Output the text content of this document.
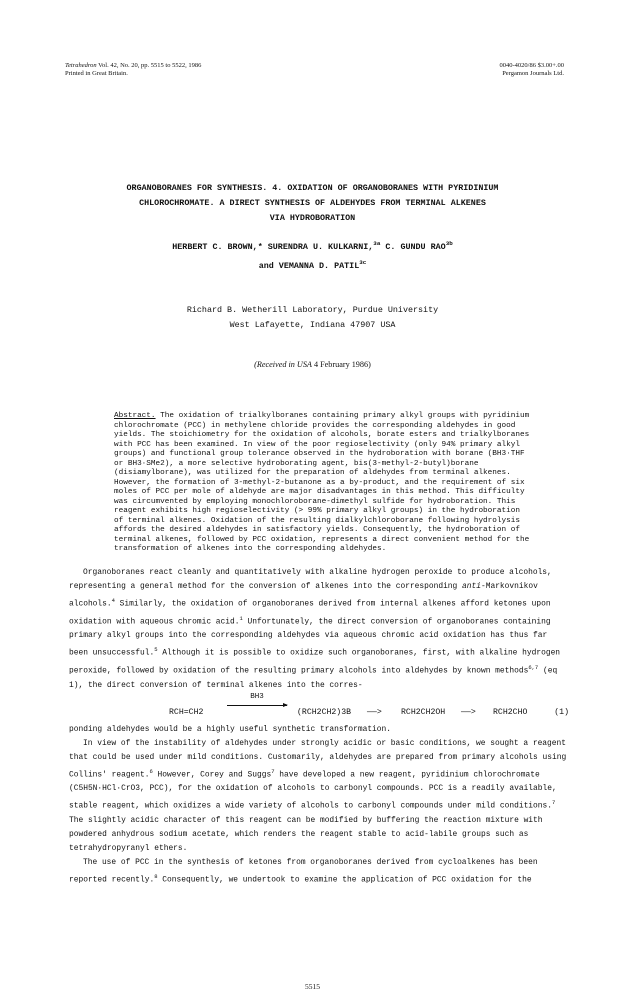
Tetrahedron Vol. 42, No. 20, pp. 5515 to 5522, 1986
Printed in Great Britain.
0040-4020/86 $3.00+.00
Pergamon Journals Ltd.
ORGANOBORANES FOR SYNTHESIS. 4. OXIDATION OF ORGANOBORANES WITH PYRIDINIUM
CHLOROCHROMATE. A DIRECT SYNTHESIS OF ALDEHYDES FROM TERMINAL ALKENES
VIA HYDROBORATION
HERBERT C. BROWN,* SURENDRA U. KULKARNI,$^{3a}$ C. GUNDU $RAO^{3b}$
and VEMANNA D. $PATIL^{3c}$
Richard B. Wetherill Laboratory, Purdue University
West Lafayette, Indiana 47907 USA
(Received in USA 4 February 1986)
Abstract. The oxidation of trialkylboranes containing primary alkyl groups with pyridinium chlorochromate (PCC) in methylene chloride provides the corresponding aldehydes in good yields. The stoichiometry for the oxidation of alcohols, borate esters and trialkylboranes with PCC has been examined. In view of the poor regioselectivity (only 94% primary alkyl groups) and functional group tolerance observed in the hydroboration with borane (BH3·THF or BH3·SMe2), a more selective hydroborating agent, bis(3-methyl-2-butyl)borane (disiamylborane), was utilized for the preparation of aldehydes from terminal alkenes. However, the formation of 3-methyl-2-butanone as a by-product, and the requirement of six moles of PCC per mole of aldehyde are major disadvantages in this method. This difficulty was circumvented by employing monochloroborane-dimethyl sulfide for hydroboration. This reagent exhibits high regioselectivity (> 99% primary alkyl groups) in the hydroboration of terminal alkenes. Oxidation of the resulting dialkylchloroborane following hydrolysis affords the desired aldehydes in satisfactory yields. Consequently, the hydroboration of terminal alkenes, followed by PCC oxidation, represents a direct convenient method for the transformation of alkenes into the corresponding aldehydes.

Organoboranes react cleanly and quantitatively with alkaline hydrogen peroxide to produce alcohols, representing a general method for the conversion of alkenes into the corresponding anti-Markovnikov alcohols.$^4$ Similarly, the oxidation of organoboranes derived from internal alkenes afford ketones upon oxidation with aqueous chromic acid.$^1$ Unfortunately, the direct conversion of organoboranes containing primary alkyl groups into the corresponding aldehydes via aqueous chromic acid oxidation has thus far been unsuccessful.$^5$ Although it is possible to oxidize such organoboranes, first, with alkaline hydrogen peroxide, followed by oxidation of the resulting primary alcohols into aldehydes by known methods$^{6,7}$ (eq 1), the direct conversion of terminal alkenes into the corres-

RCH=CH2
BH3
(RCH2CH2)3B ——> RCH2CH2OH ——> RCH2CHO	(1)

ponding aldehydes would be a highly useful synthetic transformation.

In view of the instability of aldehydes under strongly acidic or basic conditions, we sought a reagent that could be used under mild conditions. Customarily, aldehydes are prepared from primary alcohols using Collins' reagent.$^6$ However, Corey and Suggs$^7$ have developed a new reagent, pyridinium chlorochromate (C5H5N·HCl·CrO3, PCC), for the oxidation of alcohols to carbonyl compounds. PCC is a readily available, stable reagent, which oxidizes a wide variety of alcohols to carbonyl compounds under mild conditions.$^7$ The slightly acidic character of this reagent can be modified by buffering the reaction mixture with powdered anhydrous sodium acetate, which renders the reagent stable to acid-labile groups such as tetrahydropyranyl ethers.

The use of PCC in the synthesis of ketones from organoboranes derived from cycloalkenes has been reported recently.$^8$ Consequently, we undertook to examine the application of PCC oxidation for the

5515
